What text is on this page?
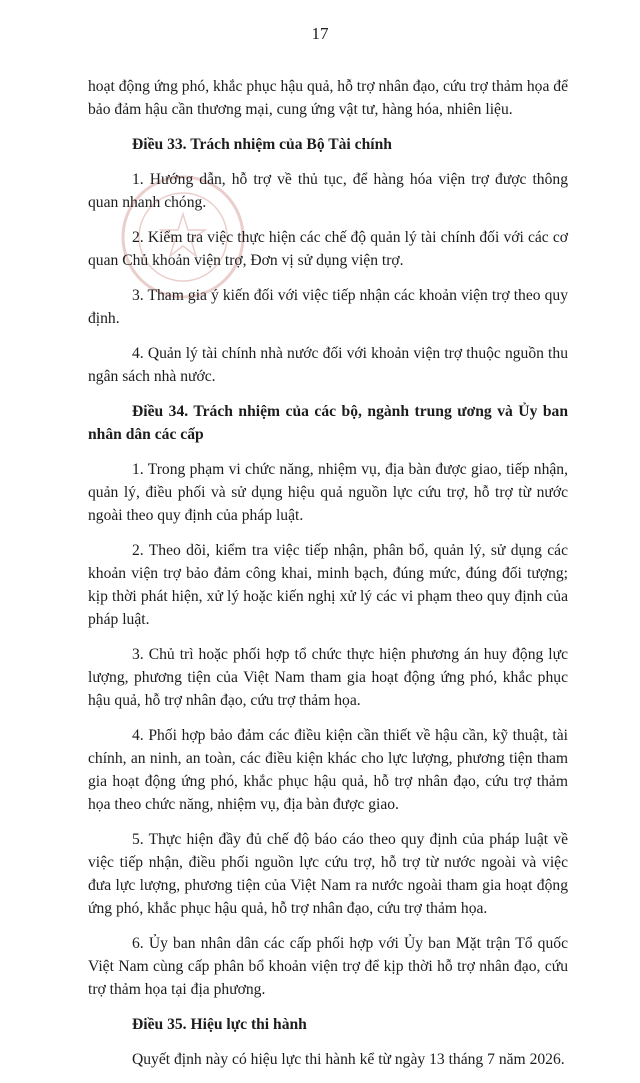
17

hoạt động ứng phó, khắc phục hậu quả, hỗ trợ nhân đạo, cứu trợ thảm họa để bảo đảm hậu cần thương mại, cung ứng vật tư, hàng hóa, nhiên liệu.

Điều 33. Trách nhiệm của Bộ Tài chính

1. Hướng dẫn, hỗ trợ về thủ tục, để hàng hóa viện trợ được thông quan nhanh chóng.

2. Kiểm tra việc thực hiện các chế độ quản lý tài chính đối với các cơ quan Chủ khoản viện trợ, Đơn vị sử dụng viện trợ.

3. Tham gia ý kiến đối với việc tiếp nhận các khoản viện trợ theo quy định.

4. Quản lý tài chính nhà nước đối với khoản viện trợ thuộc nguồn thu ngân sách nhà nước.

Điều 34. Trách nhiệm của các bộ, ngành trung ương và Ủy ban nhân dân các cấp

1. Trong phạm vi chức năng, nhiệm vụ, địa bàn được giao, tiếp nhận, quản lý, điều phối và sử dụng hiệu quả nguồn lực cứu trợ, hỗ trợ từ nước ngoài theo quy định của pháp luật.

2. Theo dõi, kiểm tra việc tiếp nhận, phân bổ, quản lý, sử dụng các khoản viện trợ bảo đảm công khai, minh bạch, đúng mức, đúng đối tượng; kịp thời phát hiện, xử lý hoặc kiến nghị xử lý các vi phạm theo quy định của pháp luật.

3. Chủ trì hoặc phối hợp tổ chức thực hiện phương án huy động lực lượng, phương tiện của Việt Nam tham gia hoạt động ứng phó, khắc phục hậu quả, hỗ trợ nhân đạo, cứu trợ thảm họa.

4. Phối hợp bảo đảm các điều kiện cần thiết về hậu cần, kỹ thuật, tài chính, an ninh, an toàn, các điều kiện khác cho lực lượng, phương tiện tham gia hoạt động ứng phó, khắc phục hậu quả, hỗ trợ nhân đạo, cứu trợ thảm họa theo chức năng, nhiệm vụ, địa bàn được giao.

5. Thực hiện đầy đủ chế độ báo cáo theo quy định của pháp luật về việc tiếp nhận, điều phối nguồn lực cứu trợ, hỗ trợ từ nước ngoài và việc đưa lực lượng, phương tiện của Việt Nam ra nước ngoài tham gia hoạt động ứng phó, khắc phục hậu quả, hỗ trợ nhân đạo, cứu trợ thảm họa.

6. Ủy ban nhân dân các cấp phối hợp với Ủy ban Mặt trận Tổ quốc Việt Nam cùng cấp phân bổ khoản viện trợ để kịp thời hỗ trợ nhân đạo, cứu trợ thảm họa tại địa phương.

Điều 35. Hiệu lực thi hành

Quyết định này có hiệu lực thi hành kể từ ngày 13 tháng 7 năm 2026.
